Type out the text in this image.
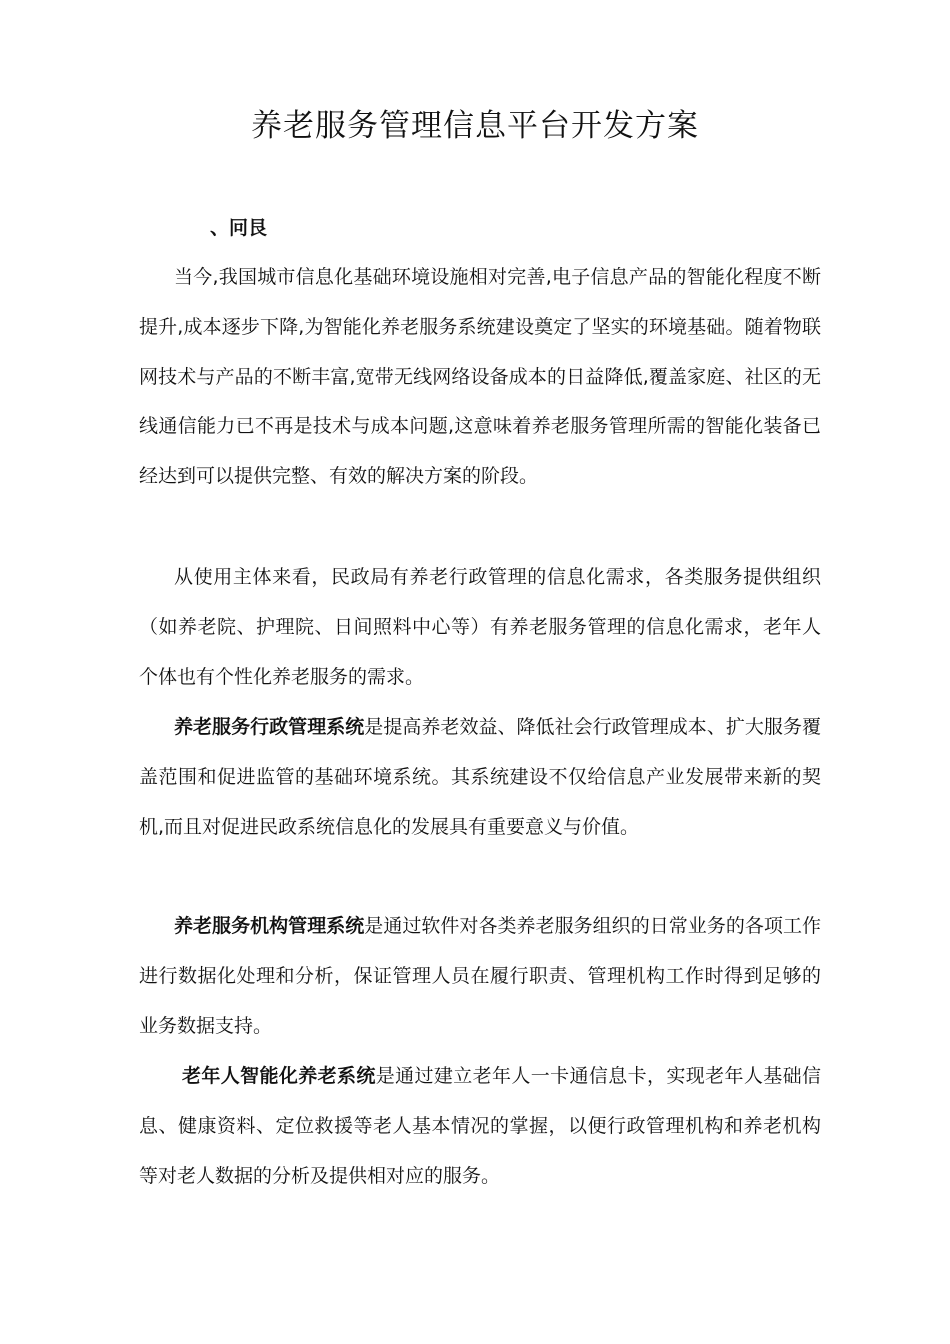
养老服务管理信息平台开发方案
、冋艮

当今,我国城市信息化基础环境设施相对完善,电子信息产品的智能化程度不断提升,成本逐步下降,为智能化养老服务系统建设奠定了坚实的环境基础。随着物联网技术与产品的不断丰富,宽带无线网络设备成本的日益降低,覆盖家庭、社区的无线通信能力已不再是技术与成本问题,这意味着养老服务管理所需的智能化装备已经达到可以提供完整、有效的解决方案的阶段。

从使用主体来看，民政局有养老行政管理的信息化需求，各类服务提供组织（如养老院、护理院、日间照料中心等）有养老服务管理的信息化需求，老年人个体也有个性化养老服务的需求。

养老服务行政管理系统是提高养老效益、降低社会行政管理成本、扩大服务覆盖范围和促进监管的基础环境系统。其系统建设不仅给信息产业发展带来新的契机,而且对促进民政系统信息化的发展具有重要意义与价值。

养老服务机构管理系统是通过软件对各类养老服务组织的日常业务的各项工作进行数据化处理和分析，保证管理人员在履行职责、管理机构工作时得到足够的业务数据支持。

老年人智能化养老系统是通过建立老年人一卡通信息卡，实现老年人基础信息、健康资料、定位救援等老人基本情况的掌握，以便行政管理机构和养老机构等对老人数据的分析及提供相对应的服务。
